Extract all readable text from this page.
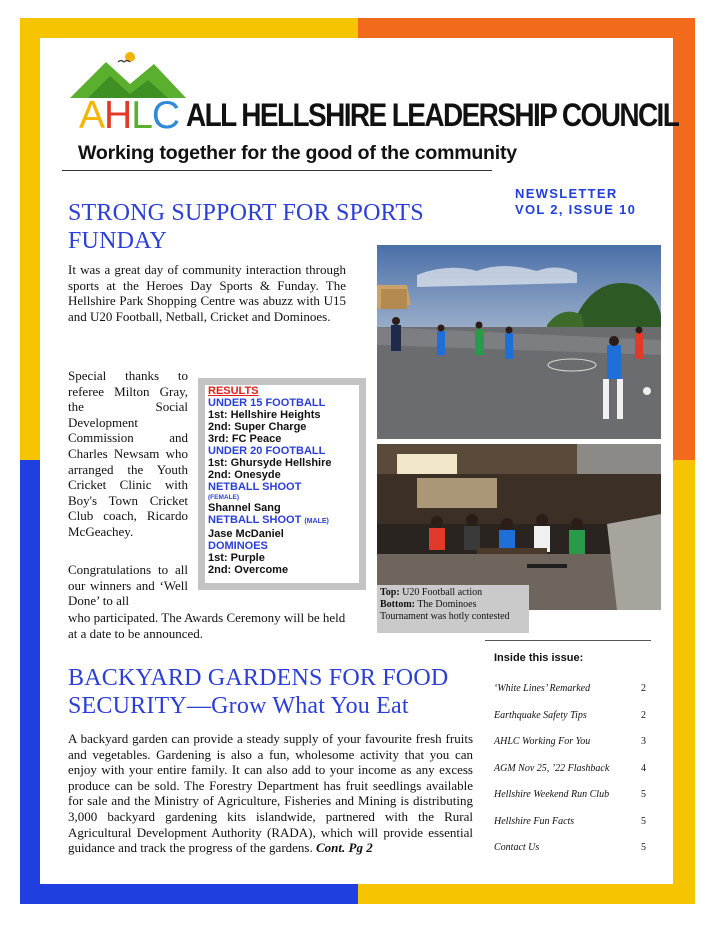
AHLC ALL HELLSHIRE LEADERSHIP COUNCIL
Working together for the good of the community
NEWSLETTER
VOL 2, ISSUE 10
STRONG SUPPORT FOR SPORTS FUNDAY
It was a great day of community interaction through sports at the Heroes Day Sports & Funday. The Hellshire Park Shopping Centre was abuzz with U15 and U20 Football, Netball, Cricket and Dominoes.
Special thanks to referee Milton Gray, the Social Development Commission and Charles Newsam who arranged the Youth Cricket Clinic with Boy's Town Cricket Club coach, Ricardo McGeachey.
Congratulations to all our winners and ‘Well Done’ to all
who participated. The Awards Ceremony will be held at a date to be announced.
RESULTS
UNDER 15 FOOTBALL
1st: Hellshire Heights
2nd: Super Charge
3rd: FC Peace
UNDER 20 FOOTBALL
1st: Ghursyde Hellshire
2nd: Onesyde
NETBALL SHOOT
(FEMALE)
Shannel Sang
NETBALL SHOOT (MALE)
Jase McDaniel
DOMINOES
1st: Purple
2nd: Overcome
Top: U20 Football action
Bottom: The Dominoes Tournament was hotly contested
BACKYARD GARDENS FOR FOOD SECURITY—Grow What You Eat
A backyard garden can provide a steady supply of your favourite fresh fruits and vegetables. Gardening is also a fun, wholesome activity that you can enjoy with your entire family. It can also add to your income as any excess produce can be sold. The Forestry Department has fruit seedlings available for sale and the Ministry of Agriculture, Fisheries and Mining is distributing 3,000 backyard gardening kits islandwide, partnered with the Rural Agricultural Development Authority (RADA), which will provide essential guidance and track the progress of the gardens. Cont. Pg 2
Inside this issue:
‘White Lines’ Remarked	2
Earthquake Safety Tips	2
AHLC Working For You	3
AGM Nov 25, ’22 Flashback	4
Hellshire Weekend Run Club	5
Hellshire Fun Facts	5
Contact Us	5
